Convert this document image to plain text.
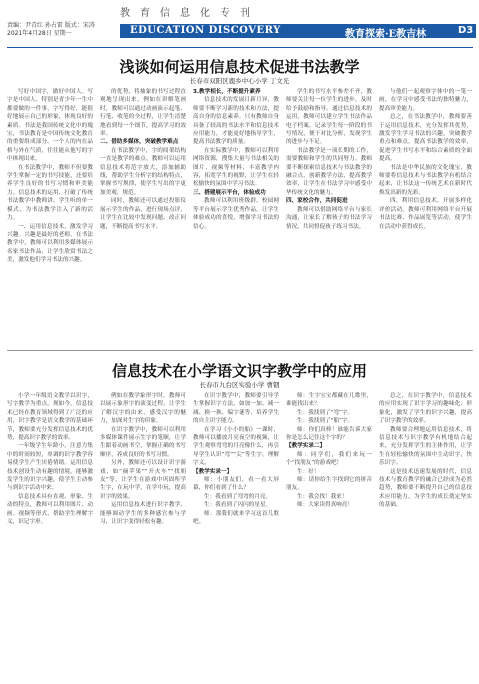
教育信息化专刊
责编：尹青红 孙占雷 版式：宋涛
2021年4月28日 星期一	EDUCATION DISCOVERY	教育探索·E教吉林	D3
浅谈如何运用信息技术促进书法教学
长春市双阳区鹿乡中心小学 丁文光

写好中国字，做好中国人。写字是中国人、特别是青少年一生中都要做的一件事，字写得好，能很好地展示自己的形象，体现良好的素质。书法是我国传统文化中的瑰宝，书法教育是中国传统文化教育的重要组成部分。一个人的内在品格与外在气质，往往能从他写的字中体现出来。

在书法教学中，教师不但要教学生掌握一定的书写技能，还要培养学生良好的书写习惯和审美能力。信息技术的运用，打破了传统书法教学中教师讲、学生听的单一模式，为书法教学注入了新的活力。

一、运用信息技术，激发学习兴趣。兴趣是最好的老师，在书法教学中，教师可以利用多媒体展示名家书法作品，让学生欣赏书法之美，激发他们学习书法的兴趣。

的优势，将抽象的书写过程直观地呈现出来。例如在讲解笔画时，教师可以通过动画演示起笔、行笔、收笔的全过程，让学生清楚地看到每一个细节，提高学习的效率。

二、借助多媒体，突破教学难点

在书法教学中，字的间架结构一直是教学的难点。教师可以运用信息技术将范字放大，添加辅助线，帮助学生分析字的结构特点，掌握书写规律，使学生写出的字更加美观、规范。

同时，教师还可以通过投影仪展示学生的作品，进行现场点评，让学生在比较中发现问题、改正问题，不断提高书写水平。

3.教学相长，不断提升素养

信息技术的发展日新月异，教师要不断学习新的技术和方法，提高自身的信息素养。只有教师自身具备了较高的书法水平和信息技术应用能力，才能更好地指导学生，提高书法教学的质量。

在实际教学中，教师可以利用网络资源，搜集大量与书法相关的图片、视频等材料，丰富教学内容，拓宽学生的视野，让学生在轻松愉快的氛围中学习书法。

三、搭建展示平台，体验成功

教师可以利用班级群、校园网等平台展示学生优秀作品，让学生体验成功的喜悦，增强学习书法的信心。

学生的书写水平参差不齐，教师要关注每一位学生的进步，及时给予鼓励和指导。通过信息技术的运用，教师可以建立学生书法作品电子档案，记录学生每一阶段的书写情况，便于对比分析，发现学生的进步与不足。

书法教学是一项长期的工作，需要教师和学生的共同努力。教师要不断探索信息技术与书法教学的融合点，创新教学方法，提高教学效率，让学生在书法学习中感受中华传统文化的魅力。

四、家校合作，共同促进

教师可以借助网络平台与家长沟通，让家长了解孩子的书法学习情况，共同督促孩子练习书法。

与他们一起观察字体中的一笔一画，在学习中感受书法的独特魅力，提高审美能力。

总之，在书法教学中，教师要善于运用信息技术，充分发挥其优势，激发学生学习书法的兴趣，突破教学重点和难点，提高书法教学的效率，促进学生书写水平和综合素质的全面提高。

书法是中华民族的文化瑰宝，教师要将信息技术与书法教学有机结合起来，让书法这一传统艺术在新时代焕发出新的光彩。

四、利用信息技术，开展多样化评价活动。教师可利用网络平台开展书法比赛、作品展览等活动，使学生在活动中获得成长。

信息技术在小学语文识字教学中的应用
长春市九台区实验小学 曹铟

小学一年级语文教学以识字，写字教学为重点。现如今，信息技术已经在教育领域得到了广泛的应用，识字教学是语文教学的基础环节，教师要充分发挥信息技术的优势，提高识字教学的效率。

一年级学生年龄小，注意力集中的时间较短，单调的识字教学容易使学生产生厌倦情绪。运用信息技术创设生动有趣的情境，能够激发学生的识字兴趣，使学生主动参与到识字活动中来。

信息技术具有直观、形象、生动的特点，教师可以利用图片、动画、视频等形式，帮助学生理解字义，识记字形。

例如在教学象形字时，教师可以展示象形字的演变过程，让学生了解汉字的由来，感受汉字的魅力，加深对生字的印象。

在识字教学中，教师可以利用多媒体课件展示生字的笔顺，让学生跟着动画书空，掌握正确的书写顺序，养成良好的书写习惯。

另外，教师还可以设计识字游戏，如“摘苹果”“开火车”“找朋友”等，让学生在游戏中巩固所学生字，在玩中学，在学中玩，提高识字的效果。

运用信息技术进行识字教学，能够调动学生的多种感官参与学习，让识字变得轻松有趣。

在识字教学中，教师要引导学生掌握识字方法，如加一加、减一减、换一换、编字谜等，培养学生的自主识字能力。

在学习《小小的船》一课时，教师可以播放月亮夜空的视频，让学生观察弯弯的月亮像什么，再引导学生认识“弯”“尖”等生字，理解字义。

【教学实录一】

师：小朋友们，看一看大屏幕，你们看到了什么？

生：我看到了弯弯的月亮。

生：我看到了闪闪的星星。

师：那我们就来学习这首儿歌吧。

师：生字宝宝都藏在儿歌里，谁能找出来？

生：我找到了“弯”字。

生：我找到了“船”字。

师：你们真棒！谁能告诉大家你是怎么记住这个字的？

【教学实录二】

师：同学们，我们来玩一个“找朋友”的游戏吧！

生：好！

师：请你给生字找到它的拼音朋友。

生：我会找！我来！

师：大家读得真响亮！

总之，在识字教学中，信息技术的应用实现了识字学习的趣味化、形象化，激发了学生的识字兴趣，提高了识字教学的效率。

教师要合理地运用信息技术，将信息技术与识字教学有机地结合起来，充分发挥学生的主体作用，让学生在轻松愉快的氛围中主动识字，快乐识字。

这是技术迅速发展的时代，信息技术与教育教学的融合已经成为必然趋势，教师要不断提升自己的信息技术应用能力，为学生的成长奠定坚实的基础。
